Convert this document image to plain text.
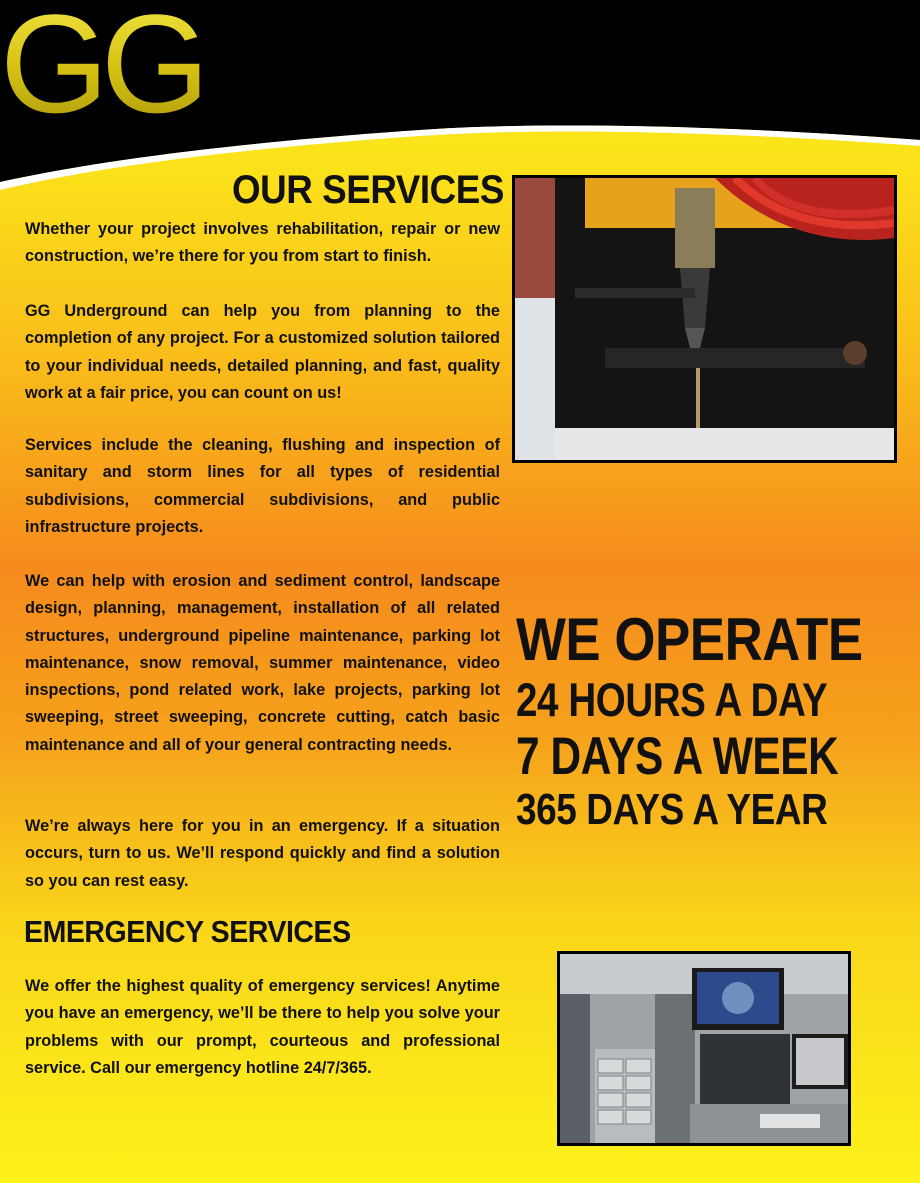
GG
OUR SERVICES

Whether your project involves rehabilitation, repair or new construction, we’re there for you from start to finish.

GG Underground can help you from planning to the completion of any project. For a customized solution tailored to your individual needs, detailed planning, and fast, quality work at a fair price, you can count on us!

Services include the cleaning, flushing and inspection of sanitary and storm lines for all types of residential subdivisions, commercial subdivisions, and public infrastructure projects.

We can help with erosion and sediment control, landscape design, planning, management, installation of all related structures, underground pipeline maintenance, parking lot maintenance, snow removal, summer maintenance, video inspections, pond related work, lake projects, parking lot sweeping, street sweeping, concrete cutting, catch basic maintenance and all of your general contracting needs.

We’re always here for you in an emergency. If a situation occurs, turn to us. We’ll respond quickly and find a solution so you can rest easy.

WE OPERATE
24 HOURS A DAY
7 DAYS A WEEK
365 DAYS A YEAR
EMERGENCY SERVICES

We offer the highest quality of emergency services! Anytime you have an emergency, we’ll be there to help you solve your problems with our prompt, courteous and professional service. Call our emergency hotline 24/7/365.
